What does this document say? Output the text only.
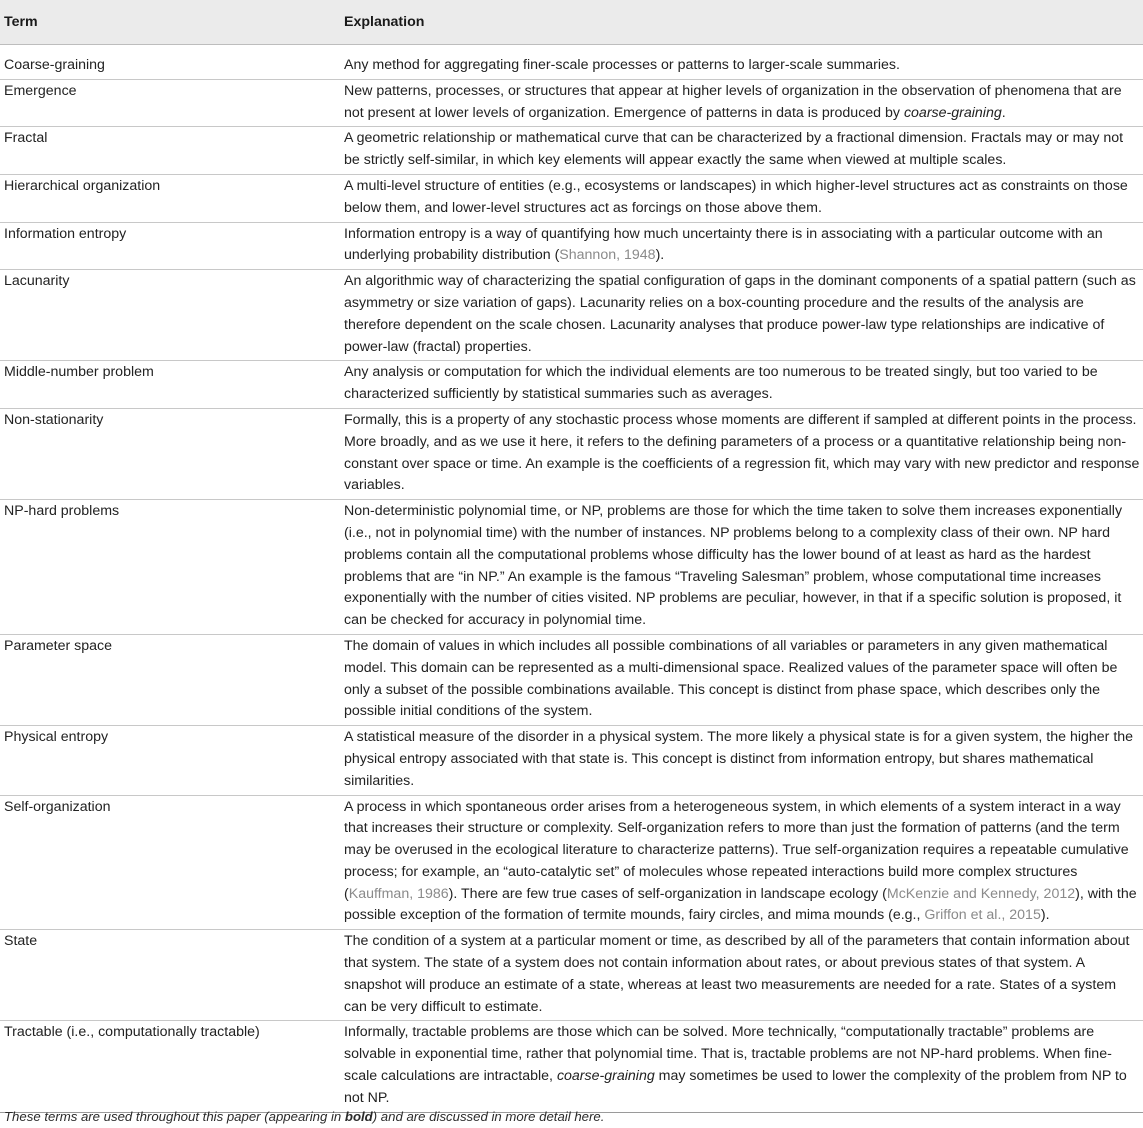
Term	Explanation
Coarse-graining	Any method for aggregating finer-scale processes or patterns to larger-scale summaries.
Emergence	New patterns, processes, or structures that appear at higher levels of organization in the observation of phenomena that are not present at lower levels of organization. Emergence of patterns in data is produced by coarse-graining.
Fractal	A geometric relationship or mathematical curve that can be characterized by a fractional dimension. Fractals may or may not be strictly self-similar, in which key elements will appear exactly the same when viewed at multiple scales.
Hierarchical organization	A multi-level structure of entities (e.g., ecosystems or landscapes) in which higher-level structures act as constraints on those below them, and lower-level structures act as forcings on those above them.
Information entropy	Information entropy is a way of quantifying how much uncertainty there is in associating with a particular outcome with an underlying probability distribution (Shannon, 1948).
Lacunarity	An algorithmic way of characterizing the spatial configuration of gaps in the dominant components of a spatial pattern (such as asymmetry or size variation of gaps). Lacunarity relies on a box-counting procedure and the results of the analysis are therefore dependent on the scale chosen. Lacunarity analyses that produce power-law type relationships are indicative of power-law (fractal) properties.
Middle-number problem	Any analysis or computation for which the individual elements are too numerous to be treated singly, but too varied to be characterized sufficiently by statistical summaries such as averages.
Non-stationarity	Formally, this is a property of any stochastic process whose moments are different if sampled at different points in the process. More broadly, and as we use it here, it refers to the defining parameters of a process or a quantitative relationship being non-constant over space or time. An example is the coefficients of a regression fit, which may vary with new predictor and response variables.
NP-hard problems	Non-deterministic polynomial time, or NP, problems are those for which the time taken to solve them increases exponentially (i.e., not in polynomial time) with the number of instances. NP problems belong to a complexity class of their own. NP hard problems contain all the computational problems whose difficulty has the lower bound of at least as hard as the hardest problems that are “in NP.” An example is the famous “Traveling Salesman” problem, whose computational time increases exponentially with the number of cities visited. NP problems are peculiar, however, in that if a specific solution is proposed, it can be checked for accuracy in polynomial time.
Parameter space	The domain of values in which includes all possible combinations of all variables or parameters in any given mathematical model. This domain can be represented as a multi-dimensional space. Realized values of the parameter space will often be only a subset of the possible combinations available. This concept is distinct from phase space, which describes only the possible initial conditions of the system.
Physical entropy	A statistical measure of the disorder in a physical system. The more likely a physical state is for a given system, the higher the physical entropy associated with that state is. This concept is distinct from information entropy, but shares mathematical similarities.
Self-organization	A process in which spontaneous order arises from a heterogeneous system, in which elements of a system interact in a way that increases their structure or complexity. Self-organization refers to more than just the formation of patterns (and the term may be overused in the ecological literature to characterize patterns). True self-organization requires a repeatable cumulative process; for example, an “auto-catalytic set” of molecules whose repeated interactions build more complex structures (Kauffman, 1986). There are few true cases of self-organization in landscape ecology (McKenzie and Kennedy, 2012), with the possible exception of the formation of termite mounds, fairy circles, and mima mounds (e.g., Griffon et al., 2015).
State	The condition of a system at a particular moment or time, as described by all of the parameters that contain information about that system. The state of a system does not contain information about rates, or about previous states of that system. A snapshot will produce an estimate of a state, whereas at least two measurements are needed for a rate. States of a system can be very difficult to estimate.
Tractable (i.e., computationally tractable)	Informally, tractable problems are those which can be solved. More technically, “computationally tractable” problems are solvable in exponential time, rather that polynomial time. That is, tractable problems are not NP-hard problems. When fine-scale calculations are intractable, coarse-graining may sometimes be used to lower the complexity of the problem from NP to not NP.
These terms are used throughout this paper (appearing in bold) and are discussed in more detail here.
